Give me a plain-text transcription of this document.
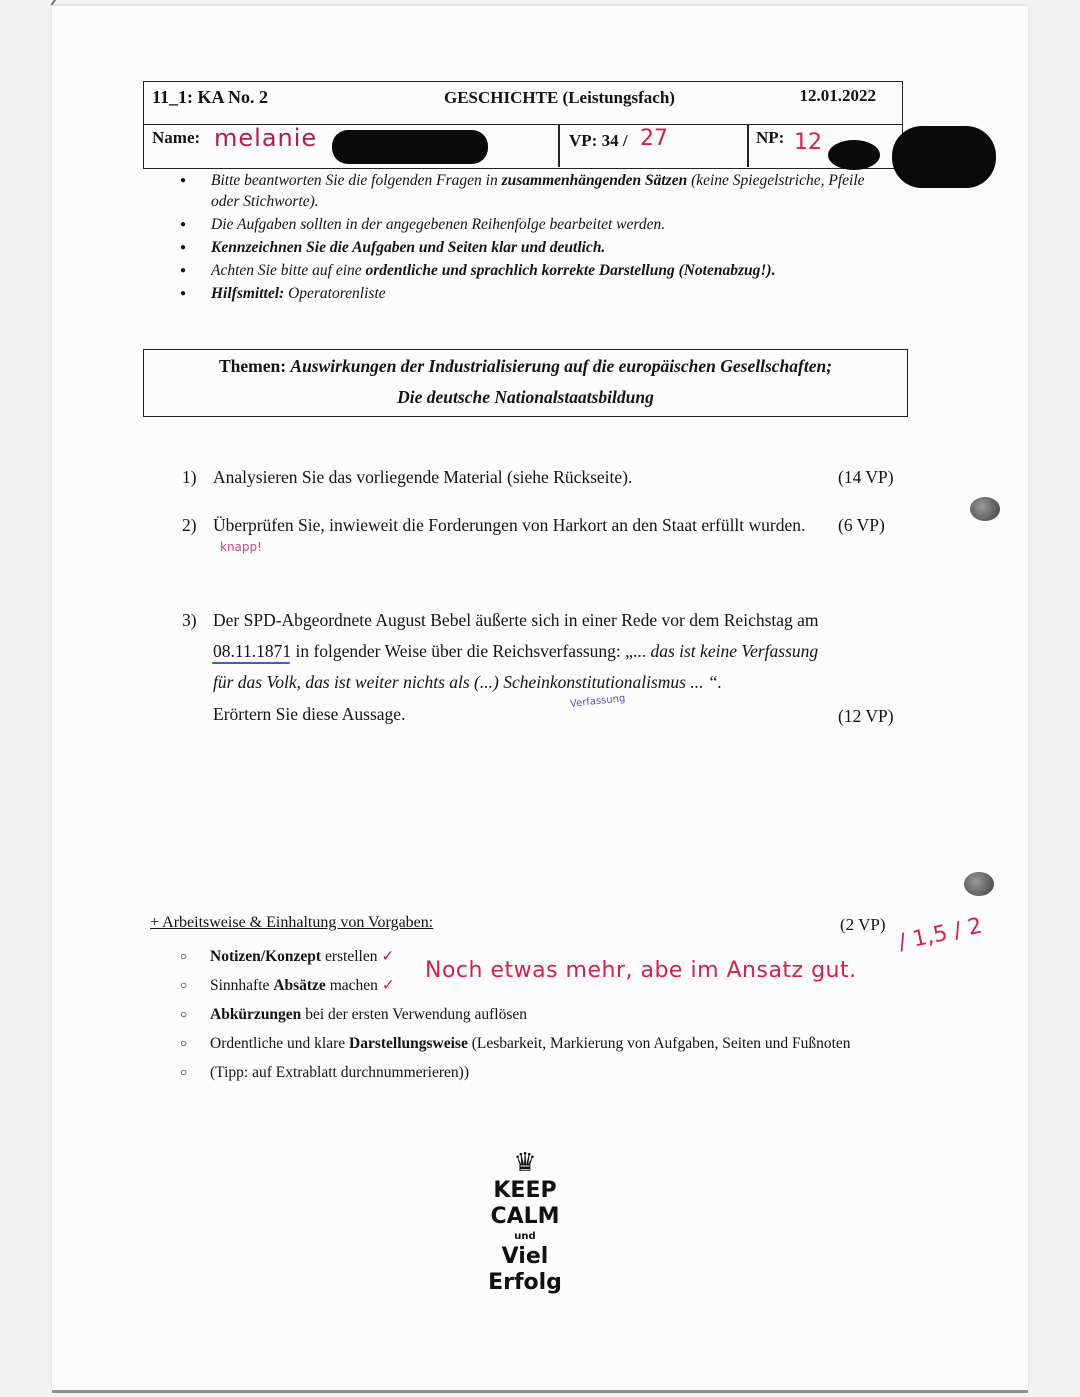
11_1: KA No. 2	GESCHICHTE (Leistungsfach)	12.01.2022
Name: melanie	VP: 34 / 27	NP: 12
● Bitte beantworten Sie die folgenden Fragen in zusammenhängenden Sätzen (keine Spiegelstriche, Pfeile oder Stichworte).
● Die Aufgaben sollten in der angegebenen Reihenfolge bearbeitet werden.
● Kennzeichnen Sie die Aufgaben und Seiten klar und deutlich.
● Achten Sie bitte auf eine ordentliche und sprachlich korrekte Darstellung (Notenabzug!).
● Hilfsmittel: Operatorenliste
Themen: Auswirkungen der Industrialisierung auf die europäischen Gesellschaften;
Die deutsche Nationalstaatsbildung
1) Analysieren Sie das vorliegende Material (siehe Rückseite).	(14 VP)
2) Überprüfen Sie, inwieweit die Forderungen von Harkort an den Staat erfüllt wurden. (6 VP)
knapp!
3) Der SPD-Abgeordnete August Bebel äußerte sich in einer Rede vor dem Reichstag am
08.11.1871 in folgender Weise über die Reichsverfassung: „... das ist keine Verfassung
für das Volk, das ist weiter nichts als (...) Scheinkonstitutionalismus ... “.
Erörtern Sie diese Aussage.	(12 VP)
Verfassung
+ Arbeitsweise & Einhaltung von Vorgaben:	(2 VP)
○ Notizen/Konzept erstellen ✓
○ Sinnhafte Absätze machen ✓
○ Abkürzungen bei der ersten Verwendung auflösen
○ Ordentliche und klare Darstellungsweise (Lesbarkeit, Markierung von Aufgaben, Seiten und Fußnoten
○ (Tipp: auf Extrablatt durchnummerieren))
Noch etwas mehr, abe im Ansatz gut.
/ 1,5 / 2
♛
KEEP
CALM
und
Viel
Erfolg
